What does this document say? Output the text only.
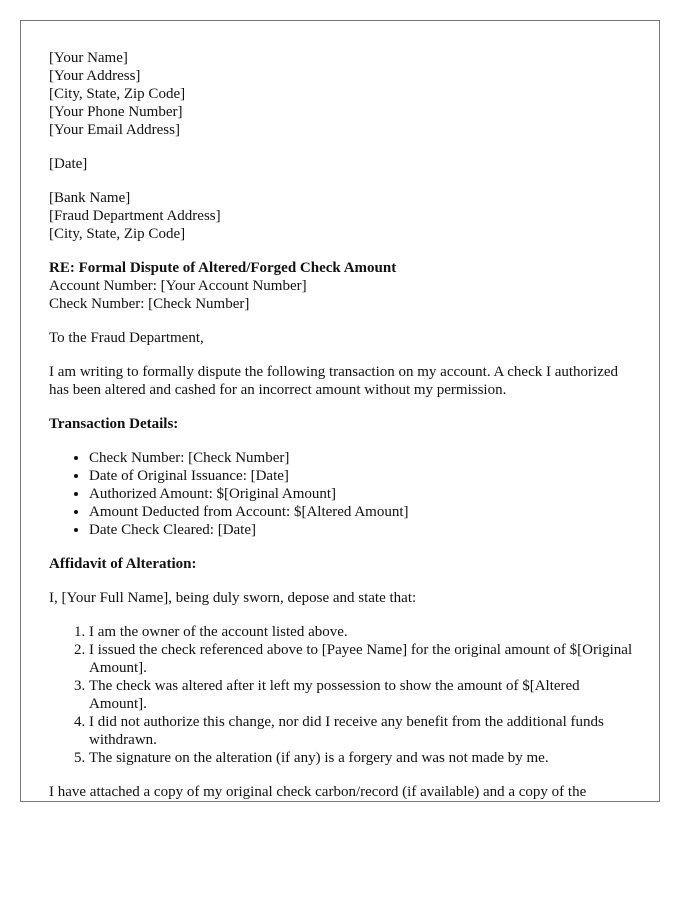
[Your Name]
[Your Address]
[City, State, Zip Code]
[Your Phone Number]
[Your Email Address]
[Date]
[Bank Name]
[Fraud Department Address]
[City, State, Zip Code]
RE: Formal Dispute of Altered/Forged Check Amount
Account Number: [Your Account Number]
Check Number: [Check Number]

To the Fraud Department,

I am writing to formally dispute the following transaction on my account. A check I authorized has been altered and cashed for an incorrect amount without my permission.

Transaction Details:

• Check Number: [Check Number]
• Date of Original Issuance: [Date]
• Authorized Amount: $[Original Amount]
• Amount Deducted from Account: $[Altered Amount]
• Date Check Cleared: [Date]

Affidavit of Alteration:

I, [Your Full Name], being duly sworn, depose and state that:

1. I am the owner of the account listed above.
2. I issued the check referenced above to [Payee Name] for the original amount of $[Original Amount].
3. The check was altered after it left my possession to show the amount of $[Altered Amount].
4. I did not authorize this change, nor did I receive any benefit from the additional funds withdrawn.
5. The signature on the alteration (if any) is a forgery and was not made by me.

I have attached a copy of my original check carbon/record (if available) and a copy of the
